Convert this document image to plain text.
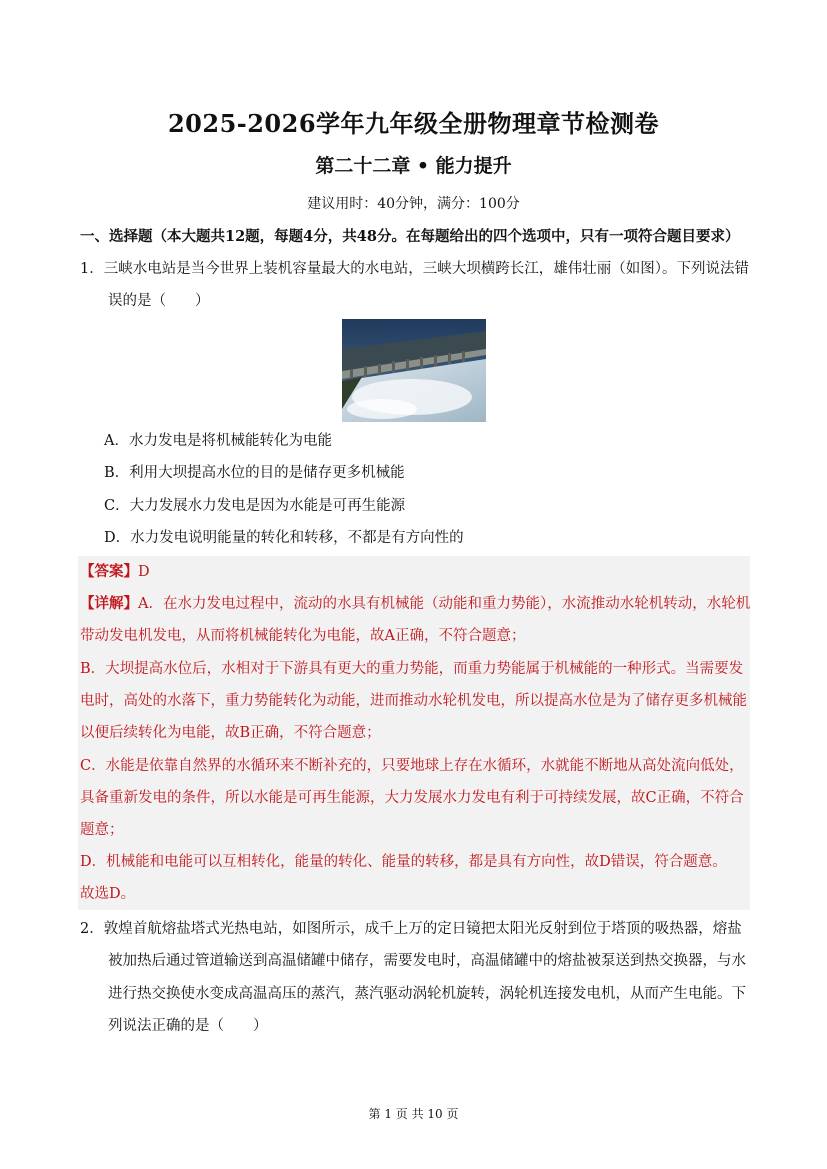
2025-2026学年九年级全册物理章节检测卷
第二十二章 • 能力提升
建议用时：40分钟，满分：100分
一、选择题（本大题共12题，每题4分，共48分。在每题给出的四个选项中，只有一项符合题目要求）
1．三峡水电站是当今世界上装机容量最大的水电站，三峡大坝横跨长江，雄伟壮丽（如图）。下列说法错
误的是（　　）
A．水力发电是将机械能转化为电能
B．利用大坝提高水位的目的是储存更多机械能
C．大力发展水力发电是因为水能是可再生能源
D．水力发电说明能量的转化和转移，不都是有方向性的
【答案】D
【详解】A．在水力发电过程中，流动的水具有机械能（动能和重力势能），水流推动水轮机转动，水轮机
带动发电机发电，从而将机械能转化为电能，故A正确，不符合题意；
B．大坝提高水位后，水相对于下游具有更大的重力势能，而重力势能属于机械能的一种形式。当需要发
电时，高处的水落下，重力势能转化为动能，进而推动水轮机发电，所以提高水位是为了储存更多机械能
以便后续转化为电能，故B正确，不符合题意；
C．水能是依靠自然界的水循环来不断补充的，只要地球上存在水循环，水就能不断地从高处流向低处，
具备重新发电的条件，所以水能是可再生能源，大力发展水力发电有利于可持续发展，故C正确，不符合
题意；
D．机械能和电能可以互相转化，能量的转化、能量的转移，都是具有方向性，故D错误，符合题意。
故选D。
2．敦煌首航熔盐塔式光热电站，如图所示，成千上万的定日镜把太阳光反射到位于塔顶的吸热器，熔盐
被加热后通过管道输送到高温储罐中储存，需要发电时，高温储罐中的熔盐被泵送到热交换器，与水
进行热交换使水变成高温高压的蒸汽，蒸汽驱动涡轮机旋转，涡轮机连接发电机，从而产生电能。下
列说法正确的是（　　）
第 1 页 共 10 页
